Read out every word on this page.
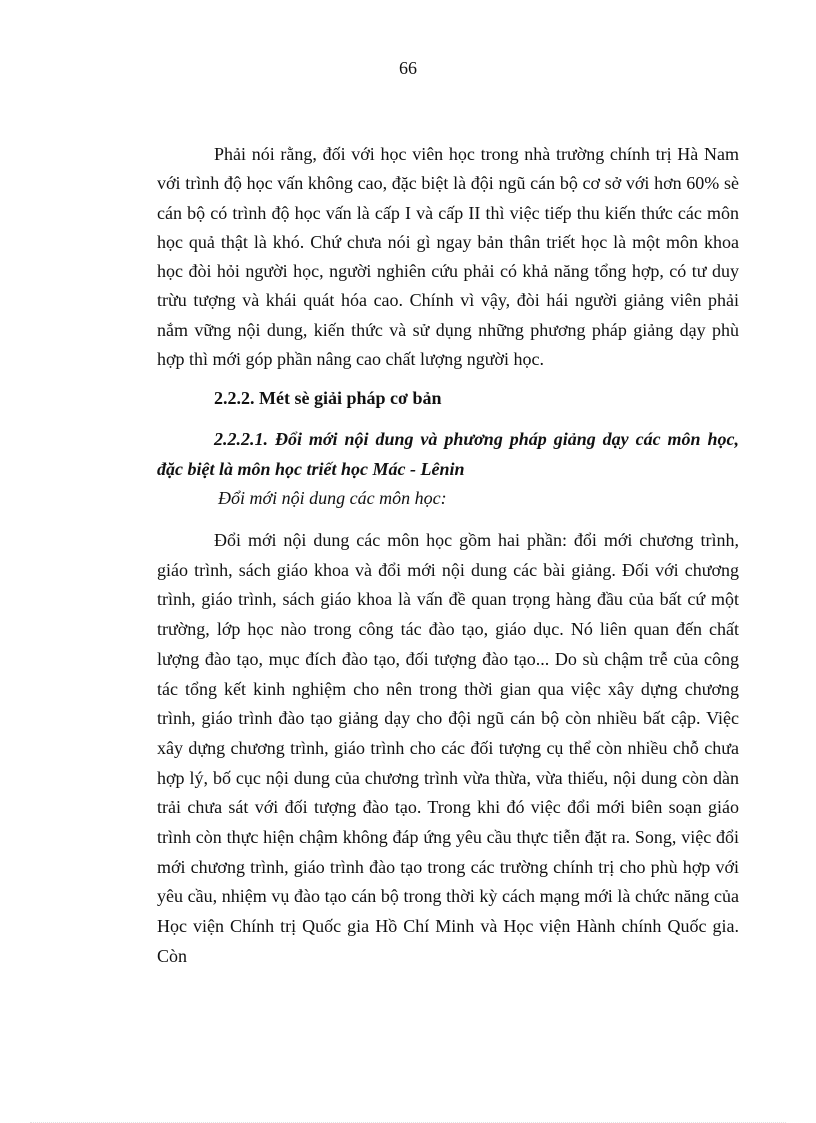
66

Phải nói rằng, đối với học viên học trong nhà trường chính trị Hà Nam với trình độ học vấn không cao, đặc biệt là đội ngũ cán bộ cơ sở với hơn 60% sè cán bộ có trình độ học vấn là cấp I và cấp II thì việc tiếp thu kiến thức các môn học quả thật là khó. Chứ chưa nói gì ngay bản thân triết học là một môn khoa học đòi hỏi người học, người nghiên cứu phải có khả năng tổng hợp, có tư duy trừu tượng và khái quát hóa cao. Chính vì vậy, đòi hái người giảng viên phải nắm vững nội dung, kiến thức và sử dụng những phương pháp giảng dạy phù hợp thì mới góp phần nâng cao chất lượng người học.

2.2.2. Mét sè giải pháp cơ bản

2.2.2.1. Đổi mới nội dung và phương pháp giảng dạy các môn học, đặc biệt là môn học triết học Mác - Lênin

Đổi mới nội dung các môn học:

Đổi mới nội dung các môn học gồm hai phần: đổi mới chương trình, giáo trình, sách giáo khoa và đổi mới nội dung các bài giảng. Đối với chương trình, giáo trình, sách giáo khoa là vấn đề quan trọng hàng đầu của bất cứ một trường, lớp học nào trong công tác đào tạo, giáo dục. Nó liên quan đến chất lượng đào tạo, mục đích đào tạo, đối tượng đào tạo... Do sù chậm trễ của công tác tổng kết kinh nghiệm cho nên trong thời gian qua việc xây dựng chương trình, giáo trình đào tạo giảng dạy cho đội ngũ cán bộ còn nhiều bất cập. Việc xây dựng chương trình, giáo trình cho các đối tượng cụ thể còn nhiều chỗ chưa hợp lý, bố cục nội dung của chương trình vừa thừa, vừa thiếu, nội dung còn dàn trải chưa sát với đối tượng đào tạo. Trong khi đó việc đổi mới biên soạn giáo trình còn thực hiện chậm không đáp ứng yêu cầu thực tiễn đặt ra. Song, việc đổi mới chương trình, giáo trình đào tạo trong các trường chính trị cho phù hợp với yêu cầu, nhiệm vụ đào tạo cán bộ trong thời kỳ cách mạng mới là chức năng của Học viện Chính trị Quốc gia Hồ Chí Minh và Học viện Hành chính Quốc gia. Còn
